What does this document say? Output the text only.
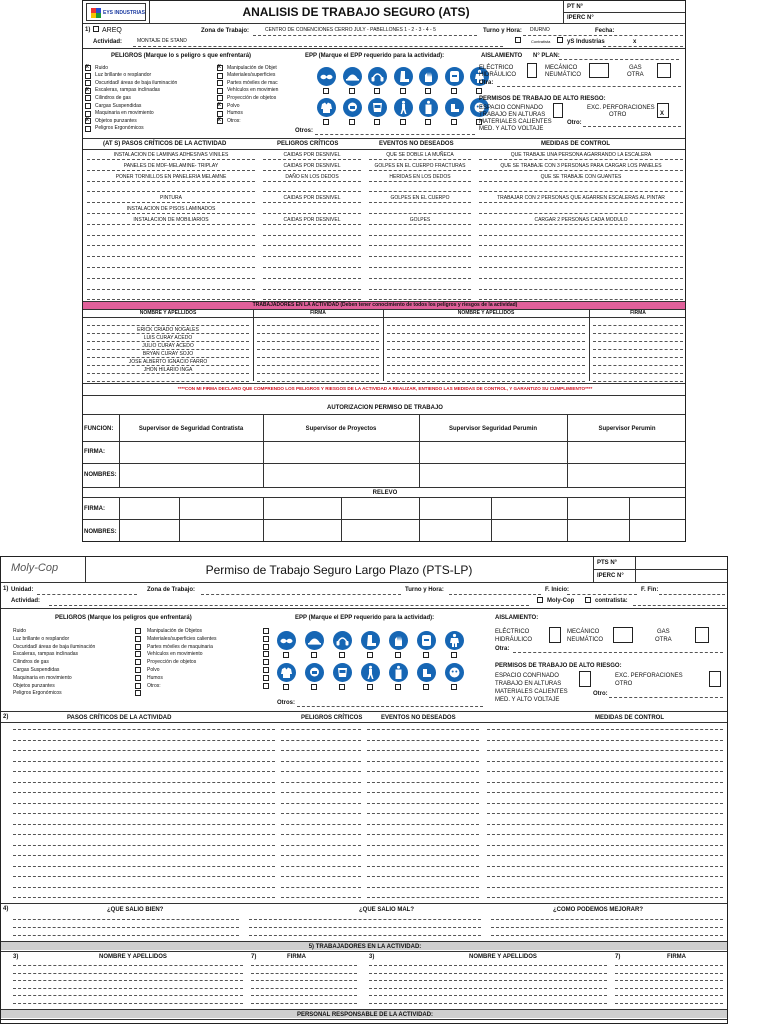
EYS INDUSTRIAS	ANALISIS DE TRABAJO SEGURO (ATS)	PT N°
IPERC N°
1) AREQ	Zona de Trabajo:	CENTRO DE CONENCIONES CERRO JULY - PABELLONES 1 - 2 - 3 - 4 - 5	Turno y Hora: DIURNO	Fecha:
Actividad:	MONTAJE DE STAND	Contratista	yS Industrias	x
PELIGROS (Marque lo s peligro s que enfrentará)	EPP (Marque el EPP requerido para la actividad):	AISLAMIENTO N° PLAN:
X Ruido
Luz brillante o resplandor
Oscuridad/ áreas de baja iluminación
X Escaleras, rampas inclinadas
Cilindros de gas
Cargas Suspendidas
Maquinaria en movimiento
X Objetos punzantes
Peligros Ergonómicos
X Manipulación de Objet
Materiales/superficies
Partes móviles de mac
Vehículos en movimien
Proyección de objetos
X Polvo
Humos
X Otros:
Otros:
ELÉCTRICO
HIDRÁULICO
MECÁNICO
NEUMÁTICO
GAS
OTRA
Otra:
PERMISOS DE TRABAJO DE ALTO RIESGO:
ESPACIO CONFINADO
TRABAJO EN ALTURAS
MATERIALES CALIENTES
MED. Y ALTO VOLTAJE
EXC. PERFORACIONES
OTRO	X
Otro:
(AT S) PASOS CRÍTICOS DE LA ACTIVIDAD	PELIGROS CRÍTICOS	EVENTOS NO DESEADOS	MEDIDAS DE CONTROL
INSTALACION DE LAMINAS ADHESIVAS VINILES	CAIDAS POR DESNIVEL	QUE SE DOBLE LA MUÑECA	QUE TRABAJE UNA PERSONA AGARRANDO LA ESCALERA
PANELES DE MDF-MELAMINE- TRIPLAY	CAIDAS POR DESNIVEL	GOLPES EN EL CUERPO FRACTURAS	QUE SE TRABAJE CON 3 PERSONAS PARA CARGAR LOS PANELES
PONER TORNILLOS EN PANELERIA MELAMNE	DAÑO EN LOS DEDOS	HERIDAS EN LOS DEDOS	QUE SE TRABAJE CON GUANTES
PINTURA	CAIDAS POR DESNIVEL	GOLPES EN EL CUERPO	TRABAJAR CON 2 PERSONAS QUE AGARREN ESCALERAS AL PINTAR
INSTALACION DE PISOS LAMINADOS
INSTALACION DE MOBILIARIOS	CAIDAS POR DESNIVEL	GOLPES	CARGAR 2 PERSONAS CADA MODULO
TRABAJADORES EN LA ACTIVIDAD (Deben tener conocimiento de todos los peligros y riesgos de la actividad)
NOMBRE Y APELLIDOS	FIRMA	NOMBRE Y APELLIDOS	FIRMA
ERICK CRIADO NOGALES
LUIS CURAY ACEDO
JULIO CURAY ACEDO
BRYAN CURAY SOJO
JOSE ALBERTO IGNACIO FARRO
JHON HILARIO INGA
****CON MI FIRMA DECLARO QUE COMPRENDO LOS PELIGROS Y RIESGOS DE LA ACTIVIDAD A REALIZAR, ENTIENDO LAS MEDIDAS DE CONTROL, Y GARANTIZO SU CUMPLIMIENTO****
AUTORIZACION PERMISO DE TRABAJO
FUNCION:	Supervisor de Seguridad Contratista	Supervisor de Proyectos	Supervisor Seguridad Perumin	Supervisor Perumin
FIRMA:
NOMBRES:
RELEVO
FIRMA:
NOMBRES:
Moly-Cop	Permiso de Trabajo Seguro Largo Plazo (PTS-LP)	PTS N°
IPERC N°
1) Unidad:	Zona de Trabajo:	Turno y Hora:	F. Inicio:	F. Fin:
Actividad:	Moly-Cop	contratista:
PELIGROS (Marque los peligros que enfrentará)	EPP (Marque el EPP requerido para la actividad):	AISLAMIENTO:
Ruido
Luz brillante o resplandor
Oscuridad/ áreas de baja iluminación
Escaleras, rampas inclinadas
Cilindros de gas
Cargas Suspendidas
Maquinaria en movimiento
Objetos punzantes
Peligros Ergonómicos
Manipulación de Objetos
Materiales/superficies calientes
Partes móviles de maquinaria
Vehículos en movimiento
Proyección de objetos
Polvo
Humos
Otros:
Otros:
ELÉCTRICO
HIDRÁULICO
MECÁNICO
NEUMÁTICO
GAS
OTRA
Otra:
PERMISOS DE TRABAJO DE ALTO RIESGO:
ESPACIO CONFINADO
TRABAJO EN ALTURAS
MATERIALES CALIENTES
MED. Y ALTO VOLTAJE
EXC. PERFORACIONES
OTRO
Otro:
2)	PASOS CRÍTICOS DE LA ACTIVIDAD	PELIGROS CRÍTICOS	EVENTOS NO DESEADOS	MEDIDAS DE CONTROL
4)	¿QUE SALIO BIEN?	¿QUE SALIO MAL?	¿COMO PODEMOS MEJORAR?
5) TRABAJADORES EN LA ACTIVIDAD:
3)	NOMBRE Y APELLIDOS	7)	FIRMA	3)	NOMBRE Y APELLIDOS	7)	FIRMA
PERSONAL RESPONSABLE DE LA ACTIVIDAD:
